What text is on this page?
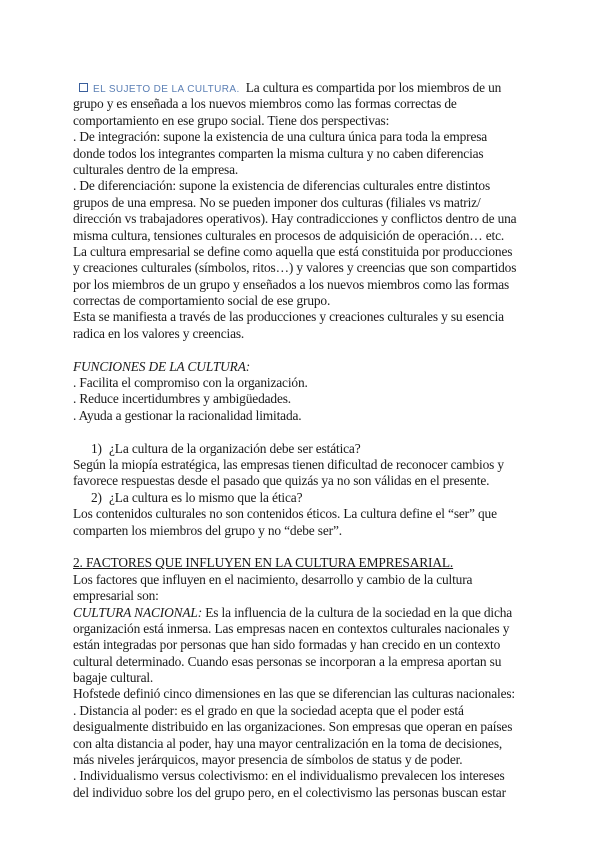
EL SUJETO DE LA CULTURA. La cultura es compartida por los miembros de un
grupo y es enseñada a los nuevos miembros como las formas correctas de
comportamiento en ese grupo social. Tiene dos perspectivas:
. De integración: supone la existencia de una cultura única para toda la empresa
donde todos los integrantes comparten la misma cultura y no caben diferencias
culturales dentro de la empresa.
. De diferenciación: supone la existencia de diferencias culturales entre distintos
grupos de una empresa. No se pueden imponer dos culturas (filiales vs matriz/
dirección vs trabajadores operativos). Hay contradicciones y conflictos dentro de una
misma cultura, tensiones culturales en procesos de adquisición de operación… etc.
La cultura empresarial se define como aquella que está constituida por producciones
y creaciones culturales (símbolos, ritos…) y valores y creencias que son compartidos
por los miembros de un grupo y enseñados a los nuevos miembros como las formas
correctas de comportamiento social de ese grupo.
Esta se manifiesta a través de las producciones y creaciones culturales y su esencia
radica en los valores y creencias.
FUNCIONES DE LA CULTURA:
. Facilita el compromiso con la organización.
. Reduce incertidumbres y ambigüedades.
. Ayuda a gestionar la racionalidad limitada.
1) ¿La cultura de la organización debe ser estática?
Según la miopía estratégica, las empresas tienen dificultad de reconocer cambios y
favorece respuestas desde el pasado que quizás ya no son válidas en el presente.
2) ¿La cultura es lo mismo que la ética?
Los contenidos culturales no son contenidos éticos. La cultura define el “ser” que
comparten los miembros del grupo y no “debe ser”.
2. FACTORES QUE INFLUYEN EN LA CULTURA EMPRESARIAL.
Los factores que influyen en el nacimiento, desarrollo y cambio de la cultura
empresarial son:
CULTURA NACIONAL: Es la influencia de la cultura de la sociedad en la que dicha
organización está inmersa. Las empresas nacen en contextos culturales nacionales y
están integradas por personas que han sido formadas y han crecido en un contexto
cultural determinado. Cuando esas personas se incorporan a la empresa aportan su
bagaje cultural.
Hofstede definió cinco dimensiones en las que se diferencian las culturas nacionales:
. Distancia al poder: es el grado en que la sociedad acepta que el poder está
desigualmente distribuido en las organizaciones. Son empresas que operan en países
con alta distancia al poder, hay una mayor centralización en la toma de decisiones,
más niveles jerárquicos, mayor presencia de símbolos de status y de poder.
. Individualismo versus colectivismo: en el individualismo prevalecen los intereses
del individuo sobre los del grupo pero, en el colectivismo las personas buscan estar
